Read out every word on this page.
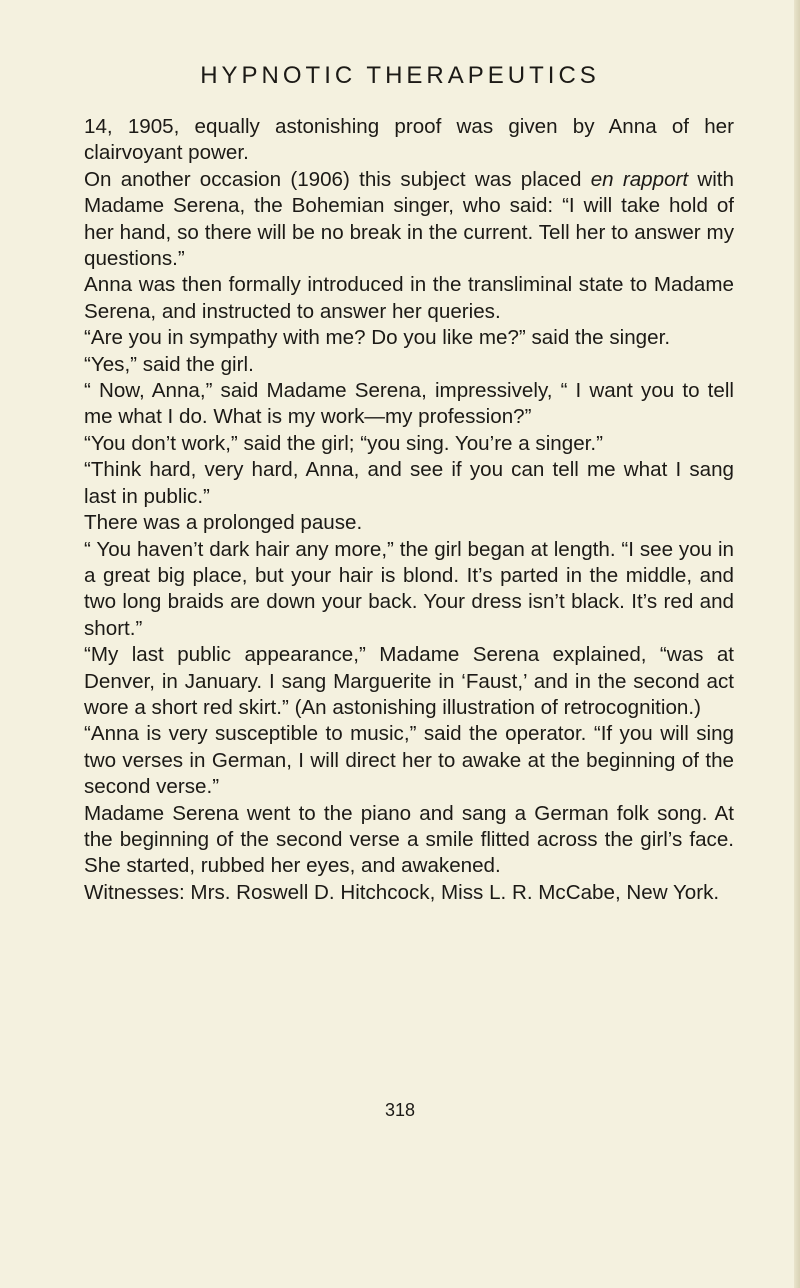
HYPNOTIC THERAPEUTICS

14, 1905, equally astonishing proof was given by Anna of her clairvoyant power.

On another occasion (1906) this subject was placed en rapport with Madame Serena, the Bohemian singer, who said: “I will take hold of her hand, so there will be no break in the current. Tell her to answer my questions.”

Anna was then formally introduced in the transliminal state to Madame Serena, and instructed to answer her queries.

“Are you in sympathy with me? Do you like me?” said the singer.

“Yes,” said the girl.

“ Now, Anna,” said Madame Serena, impressively, “ I want you to tell me what I do. What is my work—my profession?”

“You don’t work,” said the girl; “you sing. You’re a singer.”

“Think hard, very hard, Anna, and see if you can tell me what I sang last in public.”

There was a prolonged pause.

“ You haven’t dark hair any more,” the girl began at length. “I see you in a great big place, but your hair is blond. It’s parted in the middle, and two long braids are down your back. Your dress isn’t black. It’s red and short.”

“My last public appearance,” Madame Serena explained, “was at Denver, in January. I sang Marguerite in ‘Faust,’ and in the second act wore a short red skirt.” (An astonishing illustration of retrocognition.)

“Anna is very susceptible to music,” said the operator. “If you will sing two verses in German, I will direct her to awake at the beginning of the second verse.”

Madame Serena went to the piano and sang a German folk song. At the beginning of the second verse a smile flitted across the girl’s face. She started, rubbed her eyes, and awakened.

Witnesses: Mrs. Roswell D. Hitchcock, Miss L. R. McCabe, New York.

318
